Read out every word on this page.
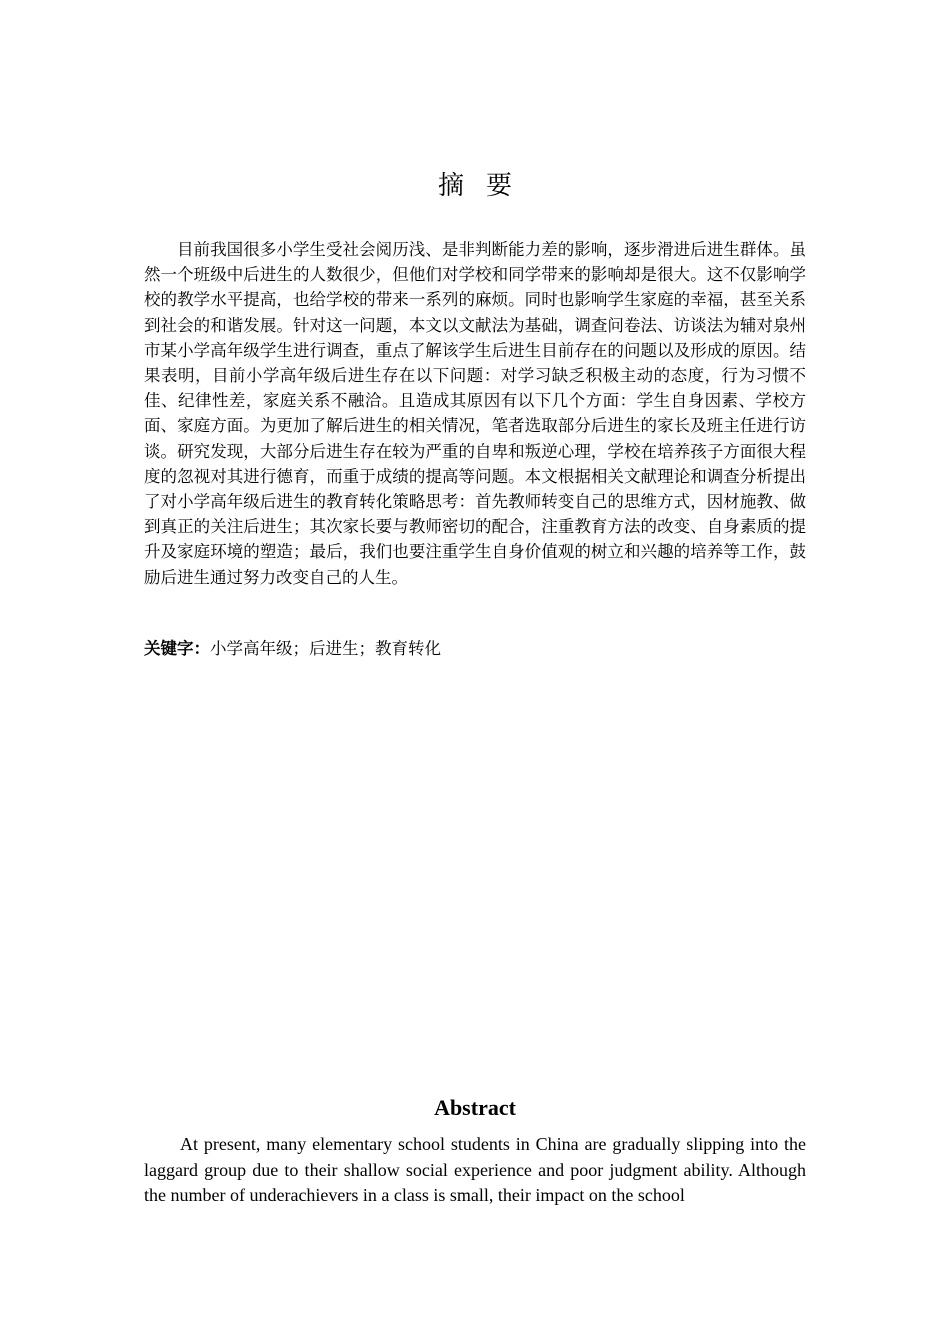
摘要

目前我国很多小学生受社会阅历浅、是非判断能力差的影响，逐步滑进后进生群体。虽然一个班级中后进生的人数很少，但他们对学校和同学带来的影响却是很大。这不仅影响学校的教学水平提高，也给学校的带来一系列的麻烦。同时也影响学生家庭的幸福，甚至关系到社会的和谐发展。针对这一问题，本文以文献法为基础，调查问卷法、访谈法为辅对泉州市某小学高年级学生进行调查，重点了解该学生后进生目前存在的问题以及形成的原因。结果表明，目前小学高年级后进生存在以下问题：对学习缺乏积极主动的态度，行为习惯不佳、纪律性差，家庭关系不融洽。且造成其原因有以下几个方面：学生自身因素、学校方面、家庭方面。为更加了解后进生的相关情况，笔者选取部分后进生的家长及班主任进行访谈。研究发现，大部分后进生存在较为严重的自卑和叛逆心理，学校在培养孩子方面很大程度的忽视对其进行德育，而重于成绩的提高等问题。本文根据相关文献理论和调查分析提出了对小学高年级后进生的教育转化策略思考：首先教师转变自己的思维方式，因材施教、做到真正的关注后进生；其次家长要与教师密切的配合，注重教育方法的改变、自身素质的提升及家庭环境的塑造；最后，我们也要注重学生自身价值观的树立和兴趣的培养等工作，鼓励后进生通过努力改变自己的人生。

关键字：小学高年级；后进生；教育转化

Abstract

At present, many elementary school students in China are gradually slipping into the laggard group due to their shallow social experience and poor judgment ability. Although the number of underachievers in a class is small, their impact on the school
